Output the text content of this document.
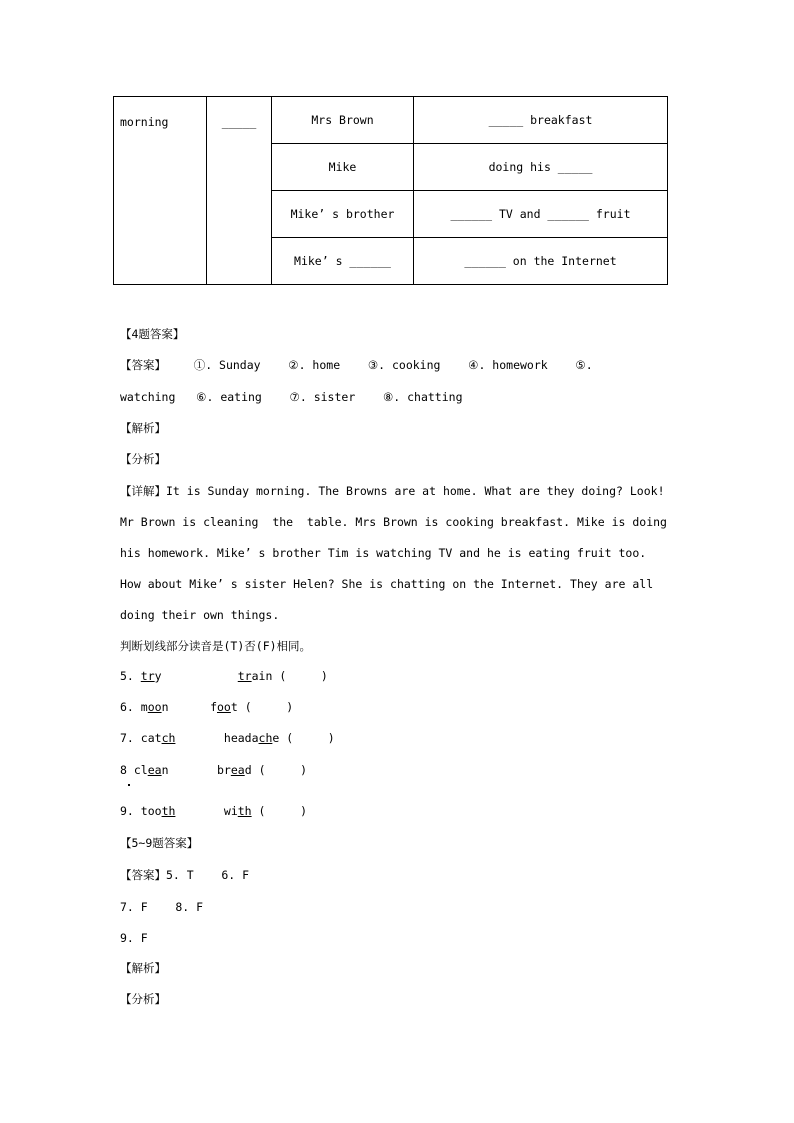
morning	_____	Mrs Brown	_____ breakfast
		Mike	doing his _____
		Mike’ s brother	______ TV and ______ fruit
		Mike’ s ______	______ on the Internet
【4题答案】
【答案】    ①. Sunday    ②. home    ③. cooking    ④. homework    ⑤.
watching   ⑥. eating    ⑦. sister    ⑧. chatting
【解析】
【分析】
【详解】It is Sunday morning. The Browns are at home. What are they doing? Look!
Mr Brown is cleaning  the  table. Mrs Brown is cooking breakfast. Mike is doing
his homework. Mike’ s brother Tim is watching TV and he is eating fruit too.
How about Mike’ s sister Helen? She is chatting on the Internet. They are all
doing their own things.
判断划线部分读音是(T)否(F)相同。
5. try	train (     )
6. moon	foot (     )
7. catch	headache (     )
8 clean	bread (     )
9. tooth	with (     )
【5~9题答案】
【答案】5. T    6. F
7. F    8. F
9. F
【解析】
【分析】
